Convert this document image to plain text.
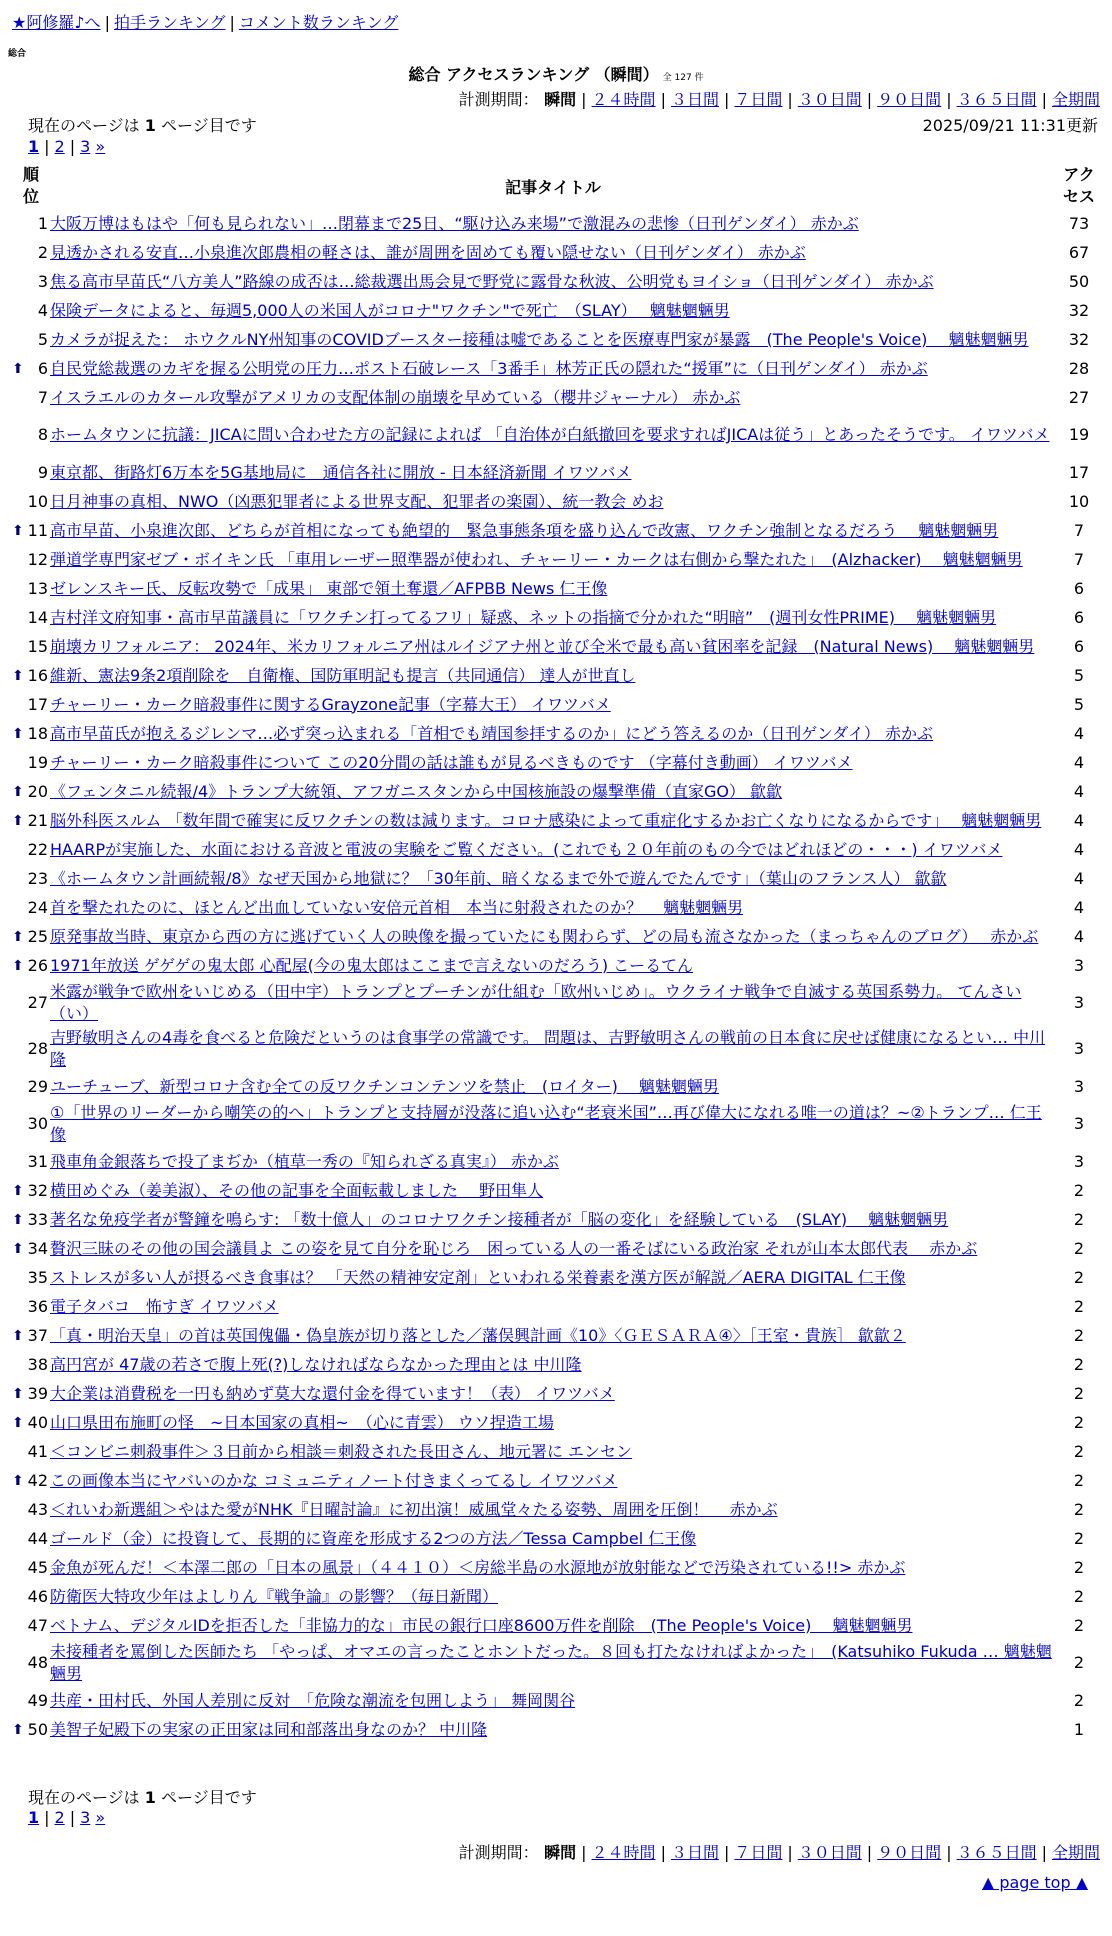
★阿修羅♪へ | 拍手ランキング | コメント数ランキング
総合
総合 アクセスランキング （瞬間） 全 127 件
計測期間： 瞬間 | ２４時間 | ３日間 | ７日間 | ３０日間 | ９０日間 | ３６５日間 | 全期間
現在のページは 1 ページ目です	2025/09/21 11:31更新
1 | 2 | 3 »
順位		記事タイトル	アクセス
	1	大阪万博はもはや「何も見られない」…閉幕まで25日、“駆け込み来場”で激混みの悲惨（日刊ゲンダイ） 赤かぶ	73
	2	見透かされる安直…小泉進次郎農相の軽さは、誰が周囲を固めても覆い隠せない（日刊ゲンダイ） 赤かぶ	67
	3	焦る高市早苗氏“八方美人”路線の成否は…総裁選出馬会見で野党に露骨な秋波、公明党もヨイショ（日刊ゲンダイ） 赤かぶ	50
	4	保険データによると、毎週5,000人の米国人がコロナ"ワクチン"で死亡　（SLAY）　 魑魅魍魎男	32
	5	カメラが捉えた： ホウクルNY州知事のCOVIDブースター接種は嘘であることを医療専門家が暴露　(The People's Voice)　 魑魅魍魎男	32
⬆	6	自民党総裁選のカギを握る公明党の圧力…ポスト石破レース「3番手」林芳正氏の隠れた“援軍”に（日刊ゲンダイ） 赤かぶ	28
	7	イスラエルのカタール攻撃がアメリカの支配体制の崩壊を早めている（櫻井ジャーナル） 赤かぶ	27
	8	ホームタウンに抗議：JICAに問い合わせた方の記録によれば 「自治体が白紙撤回を要求すればJICAは従う」とあったそうです。 イワツバメ	19
	9	東京都、街路灯6万本を5G基地局に　通信各社に開放 - 日本経済新聞 イワツバメ	17
	10	日月神事の真相、NWO（凶悪犯罪者による世界支配、犯罪者の楽園）、統一教会 めお	10
⬆	11	高市早苗、小泉進次郎、どちらが首相になっても絶望的　緊急事態条項を盛り込んで改憲、ワクチン強制となるだろう　 魑魅魍魎男	7
	12	弾道学専門家ゼブ・ボイキン氏 「車用レーザー照準器が使われ、チャーリー・カークは右側から撃たれた」　(Alzhacker)　 魑魅魍魎男	7
	13	ゼレンスキー氏、反転攻勢で「成果」 東部で領土奪還／AFPBB News 仁王像	6
	14	吉村洋文府知事・高市早苗議員に「ワクチン打ってるフリ」疑惑、ネットの指摘で分かれた“明暗”　(週刊女性PRIME)　 魑魅魍魎男	6
	15	崩壊カリフォルニア： 2024年、米カリフォルニア州はルイジアナ州と並び全米で最も高い貧困率を記録　(Natural News)　 魑魅魍魎男	6
⬆	16	維新、憲法9条2項削除を　自衛権、国防軍明記も提言（共同通信） 達人が世直し	5
	17	チャーリー・カーク暗殺事件に関するGrayzone記事（字幕大王） イワツバメ	5
⬆	18	高市早苗氏が抱えるジレンマ…必ず突っ込まれる「首相でも靖国参拝するのか」にどう答えるのか（日刊ゲンダイ） 赤かぶ	4
	19	チャーリー・カーク暗殺事件について この20分間の話は誰もが見るべきものです （字幕付き動画） イワツバメ	4
⬆	20	《フェンタニル続報/4》トランプ大統領、アフガニスタンから中国核施設の爆撃準備（直家GO） 歙歙	4
⬆	21	脳外科医スルム 「数年間で確実に反ワクチンの数は減ります。コロナ感染によって重症化するかお亡くなりになるからです」　 魑魅魍魎男	4
	22	HAARPが実施した、水面における音波と電波の実験をご覧ください。(これでも２０年前のもの今ではどれほどの・・・) イワツバメ	4
	23	《ホームタウン計画続報/8》なぜ天国から地獄に？「30年前、暗くなるまで外で遊んでたんです」（葉山のフランス人） 歙歙	4
	24	首を撃たれたのに、ほとんど出血していない安倍元首相　本当に射殺されたのか？　 魑魅魍魎男	4
⬆	25	原発事故当時、東京から西の方に逃げていく人の映像を撮っていたにも関わらず、どの局も流さなかった（まっちゃんのブログ）　 赤かぶ	4
⬆	26	1971年放送 ゲゲゲの鬼太郎 心配屋(今の鬼太郎はここまで言えないのだろう) こーるてん	3
	27	米露が戦争で欧州をいじめる（田中宇）トランプとプーチンが仕組む「欧州いじめ」。ウクライナ戦争で自滅する英国系勢力。 てんさい（い）	3
	28	吉野敏明さんの4毒を食べると危険だというのは食事学の常識です。 問題は、吉野敏明さんの戦前の日本食に戻せば健康になるとい… 中川隆	3
	29	ユーチューブ、新型コロナ含む全ての反ワクチンコンテンツを禁止　(ロイター)　 魑魅魍魎男	3
	30	①「世界のリーダーから嘲笑の的へ」トランプと支持層が没落に追い込む“老衰米国”…再び偉大になれる唯一の道は？~②トランプ… 仁王像	3
	31	飛車角金銀落ちで投了まぢか（植草一秀の『知られざる真実』） 赤かぶ	3
⬆	32	横田めぐみ（姜美淑）、その他の記事を全面転載しました　 野田隼人	2
⬆	33	著名な免疫学者が警鐘を鳴らす: 「数十億人」のコロナワクチン接種者が「脳の変化」を経験している　(SLAY)　 魑魅魍魎男	2
⬆	34	贅沢三昧のその他の国会議員よ この姿を見て自分を恥じろ　困っている人の一番そばにいる政治家 それが山本太郎代表　 赤かぶ	2
	35	ストレスが多い人が摂るべき食事は？ 「天然の精神安定剤」といわれる栄養素を漢方医が解説／AERA DIGITAL 仁王像	2
	36	電子タバコ　怖すぎ イワツバメ	2
⬆	37	「真・明治天皇」の首は英国傀儡・偽皇族が切り落とした／藩俣興計画《10》〈ＧＥＳＡＲＡ④〉［王室・貴族］ 歙歙２	2
	38	高円宮が 47歳の若さで腹上死(?)しなければならなかった理由とは 中川隆	2
⬆	39	大企業は消費税を一円も納めず莫大な還付金を得ています！（表） イワツバメ	2
⬆	40	山口県田布施町の怪　~日本国家の真相~　（心に青雲） ウソ捏造工場	2
	41	＜コンビニ刺殺事件＞３日前から相談＝刺殺された長田さん、地元署に エンセン	2
⬆	42	この画像本当にヤバいのかな コミュニティノート付きまくってるし イワツバメ	2
	43	＜れいわ新選組＞やはた愛がNHK『日曜討論』に初出演！威風堂々たる姿勢、周囲を圧倒！　 赤かぶ	2
	44	ゴールド（金）に投資して、長期的に資産を形成する2つの方法／Tessa Campbel 仁王像	2
	45	金魚が死んだ！＜本澤二郎の「日本の風景」（４４１０）＜房総半島の水源地が放射能などで汚染されている!!> 赤かぶ	2
	46	防衛医大特攻少年はよしりん『戦争論』の影響？（毎日新聞）	2
	47	ベトナム、デジタルIDを拒否した「非協力的な」市民の銀行口座8600万件を削除　(The People's Voice)　 魑魅魍魎男	2
	48	未接種者を罵倒した医師たち 「やっぱ、オマエの言ったことホントだった。８回も打たなければよかった」　(Katsuhiko Fukuda … 魑魅魍魎男	2
	49	共産・田村氏、外国人差別に反対　「危険な潮流を包囲しよう」 舞岡関谷	2
⬆	50	美智子妃殿下の実家の正田家は同和部落出身なのか？ 中川隆	1
現在のページは 1 ページ目です
1 | 2 | 3 »
計測期間： 瞬間 | ２４時間 | ３日間 | ７日間 | ３０日間 | ９０日間 | ３６５日間 | 全期間
▲ page top ▲
